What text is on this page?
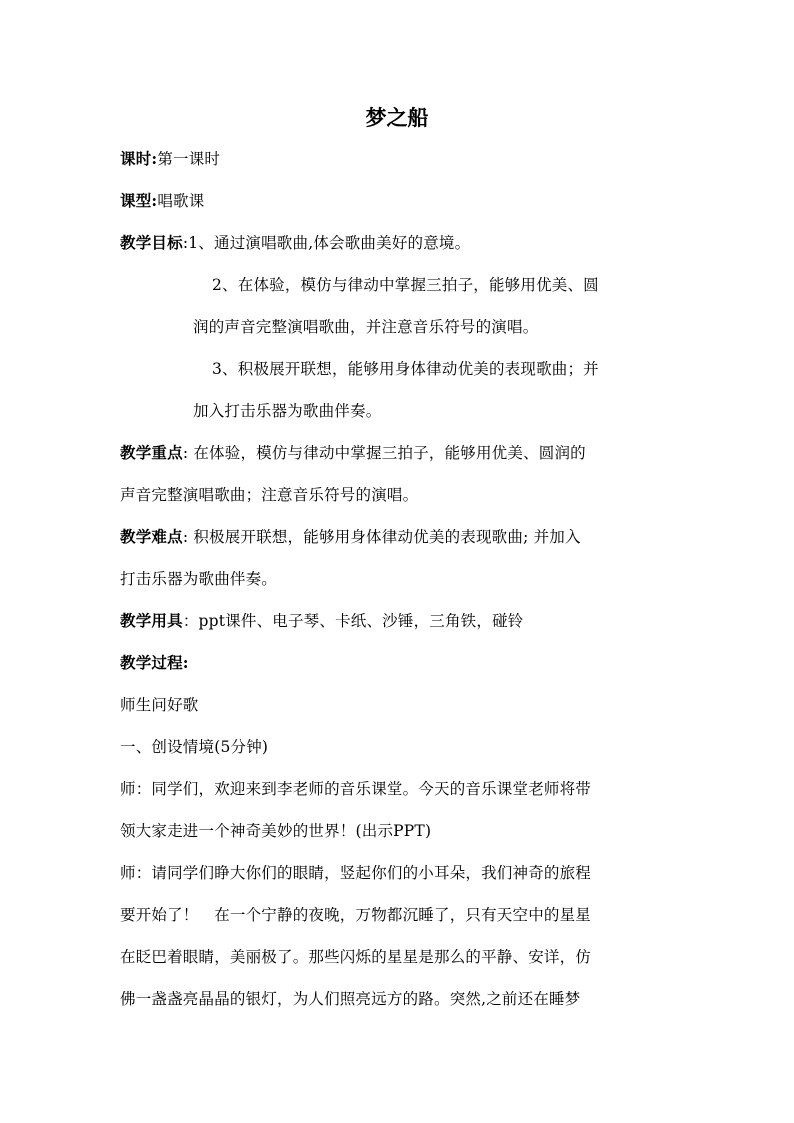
梦之船
课时:第一课时
课型:唱歌课
教学目标:1、通过演唱歌曲,体会歌曲美好的意境。
2、在体验，模仿与律动中掌握三拍子，能够用优美、圆
润的声音完整演唱歌曲，并注意音乐符号的演唱。
3、积极展开联想，能够用身体律动优美的表现歌曲；并
加入打击乐器为歌曲伴奏。
教学重点: 在体验，模仿与律动中掌握三拍子，能够用优美、圆润的
声音完整演唱歌曲；注意音乐符号的演唱。
教学难点: 积极展开联想，能够用身体律动优美的表现歌曲; 并加入
打击乐器为歌曲伴奏。
教学用具：ppt课件、电子琴、卡纸、沙锤，三角铁，碰铃
教学过程:
师生问好歌
一、创设情境(5分钟)
师：同学们，欢迎来到李老师的音乐课堂。今天的音乐课堂老师将带
领大家走进一个神奇美妙的世界！(出示PPT)
师：请同学们睁大你们的眼睛，竖起你们的小耳朵，我们神奇的旅程
要开始了！　在一个宁静的夜晚，万物都沉睡了，只有天空中的星星
在眨巴着眼睛，美丽极了。那些闪烁的星星是那么的平静、安详，仿
佛一盏盏亮晶晶的银灯，为人们照亮远方的路。突然,之前还在睡梦
